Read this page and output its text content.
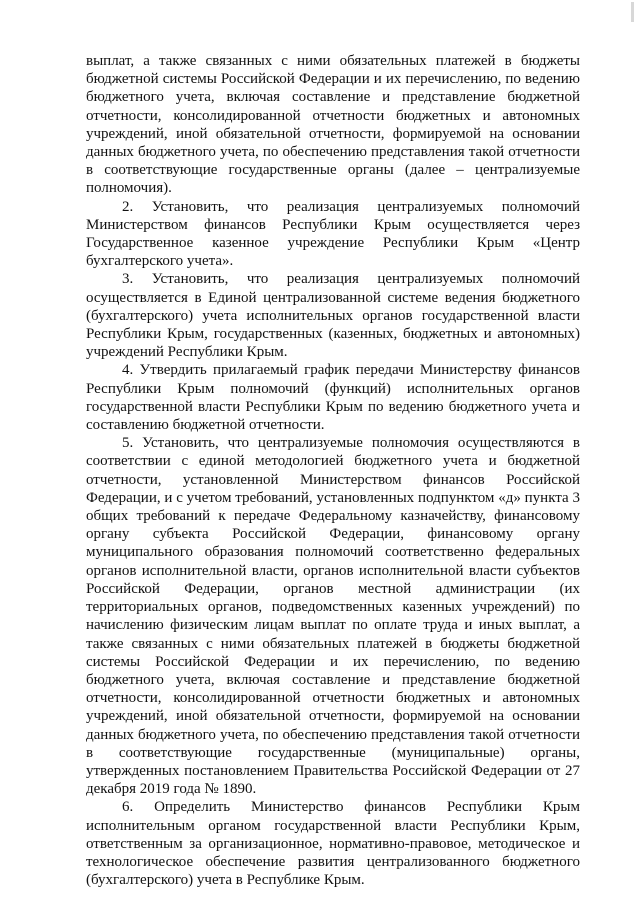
выплат, а также связанных с ними обязательных платежей в бюджеты бюджетной системы Российской Федерации и их перечислению, по ведению бюджетного учета, включая составление и представление бюджетной отчетности, консолидированной отчетности бюджетных и автономных учреждений, иной обязательной отчетности, формируемой на основании данных бюджетного учета, по обеспечению представления такой отчетности в соответствующие государственные органы (далее – централизуемые полномочия).

2. Установить, что реализация централизуемых полномочий Министерством финансов Республики Крым осуществляется через Государственное казенное учреждение Республики Крым «Центр бухгалтерского учета».

3. Установить, что реализация централизуемых полномочий осуществляется в Единой централизованной системе ведения бюджетного (бухгалтерского) учета исполнительных органов государственной власти Республики Крым, государственных (казенных, бюджетных и автономных) учреждений Республики Крым.

4. Утвердить прилагаемый график передачи Министерству финансов Республики Крым полномочий (функций) исполнительных органов государственной власти Республики Крым по ведению бюджетного учета и составлению бюджетной отчетности.

5. Установить, что централизуемые полномочия осуществляются в соответствии с единой методологией бюджетного учета и бюджетной отчетности, установленной Министерством финансов Российской Федерации, и с учетом требований, установленных подпунктом «д» пункта 3 общих требований к передаче Федеральному казначейству, финансовому органу субъекта Российской Федерации, финансовому органу муниципального образования полномочий соответственно федеральных органов исполнительной власти, органов исполнительной власти субъектов Российской Федерации, органов местной администрации (их территориальных органов, подведомственных казенных учреждений) по начислению физическим лицам выплат по оплате труда и иных выплат, а также связанных с ними обязательных платежей в бюджеты бюджетной системы Российской Федерации и их перечислению, по ведению бюджетного учета, включая составление и представление бюджетной отчетности, консолидированной отчетности бюджетных и автономных учреждений, иной обязательной отчетности, формируемой на основании данных бюджетного учета, по обеспечению представления такой отчетности в соответствующие государственные (муниципальные) органы, утвержденных постановлением Правительства Российской Федерации от 27 декабря 2019 года № 1890.

6. Определить Министерство финансов Республики Крым исполнительным органом государственной власти Республики Крым, ответственным за организационное, нормативно-правовое, методическое и технологическое обеспечение развития централизованного бюджетного (бухгалтерского) учета в Республике Крым.
